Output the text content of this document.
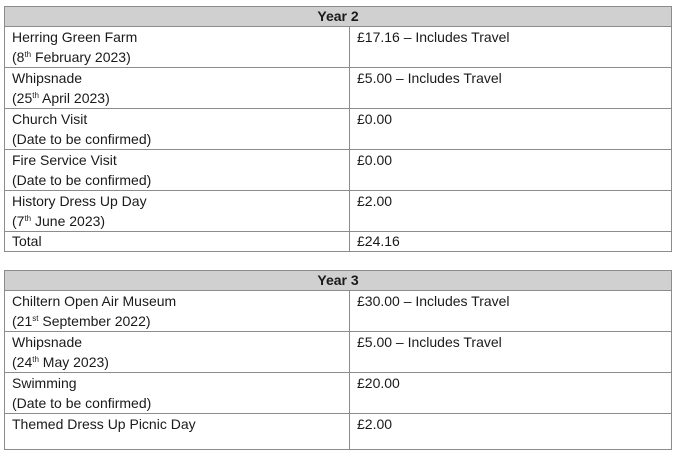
Year 2	

Herring Green Farm
(8th February 2023)	£17.16 – Includes Travel

Whipsnade
(25th April 2023)	£5.00 – Includes Travel

Church Visit
(Date to be confirmed)	£0.00

Fire Service Visit
(Date to be confirmed)	£0.00

History Dress Up Day
(7th June 2023)	£2.00
Total	£24.16
Year 3	

Chiltern Open Air Museum
(21st September 2022)	£30.00 – Includes Travel

Whipsnade
(24th May 2023)	£5.00 – Includes Travel

Swimming
(Date to be confirmed)	£20.00

Themed Dress Up Picnic Day	£2.00
